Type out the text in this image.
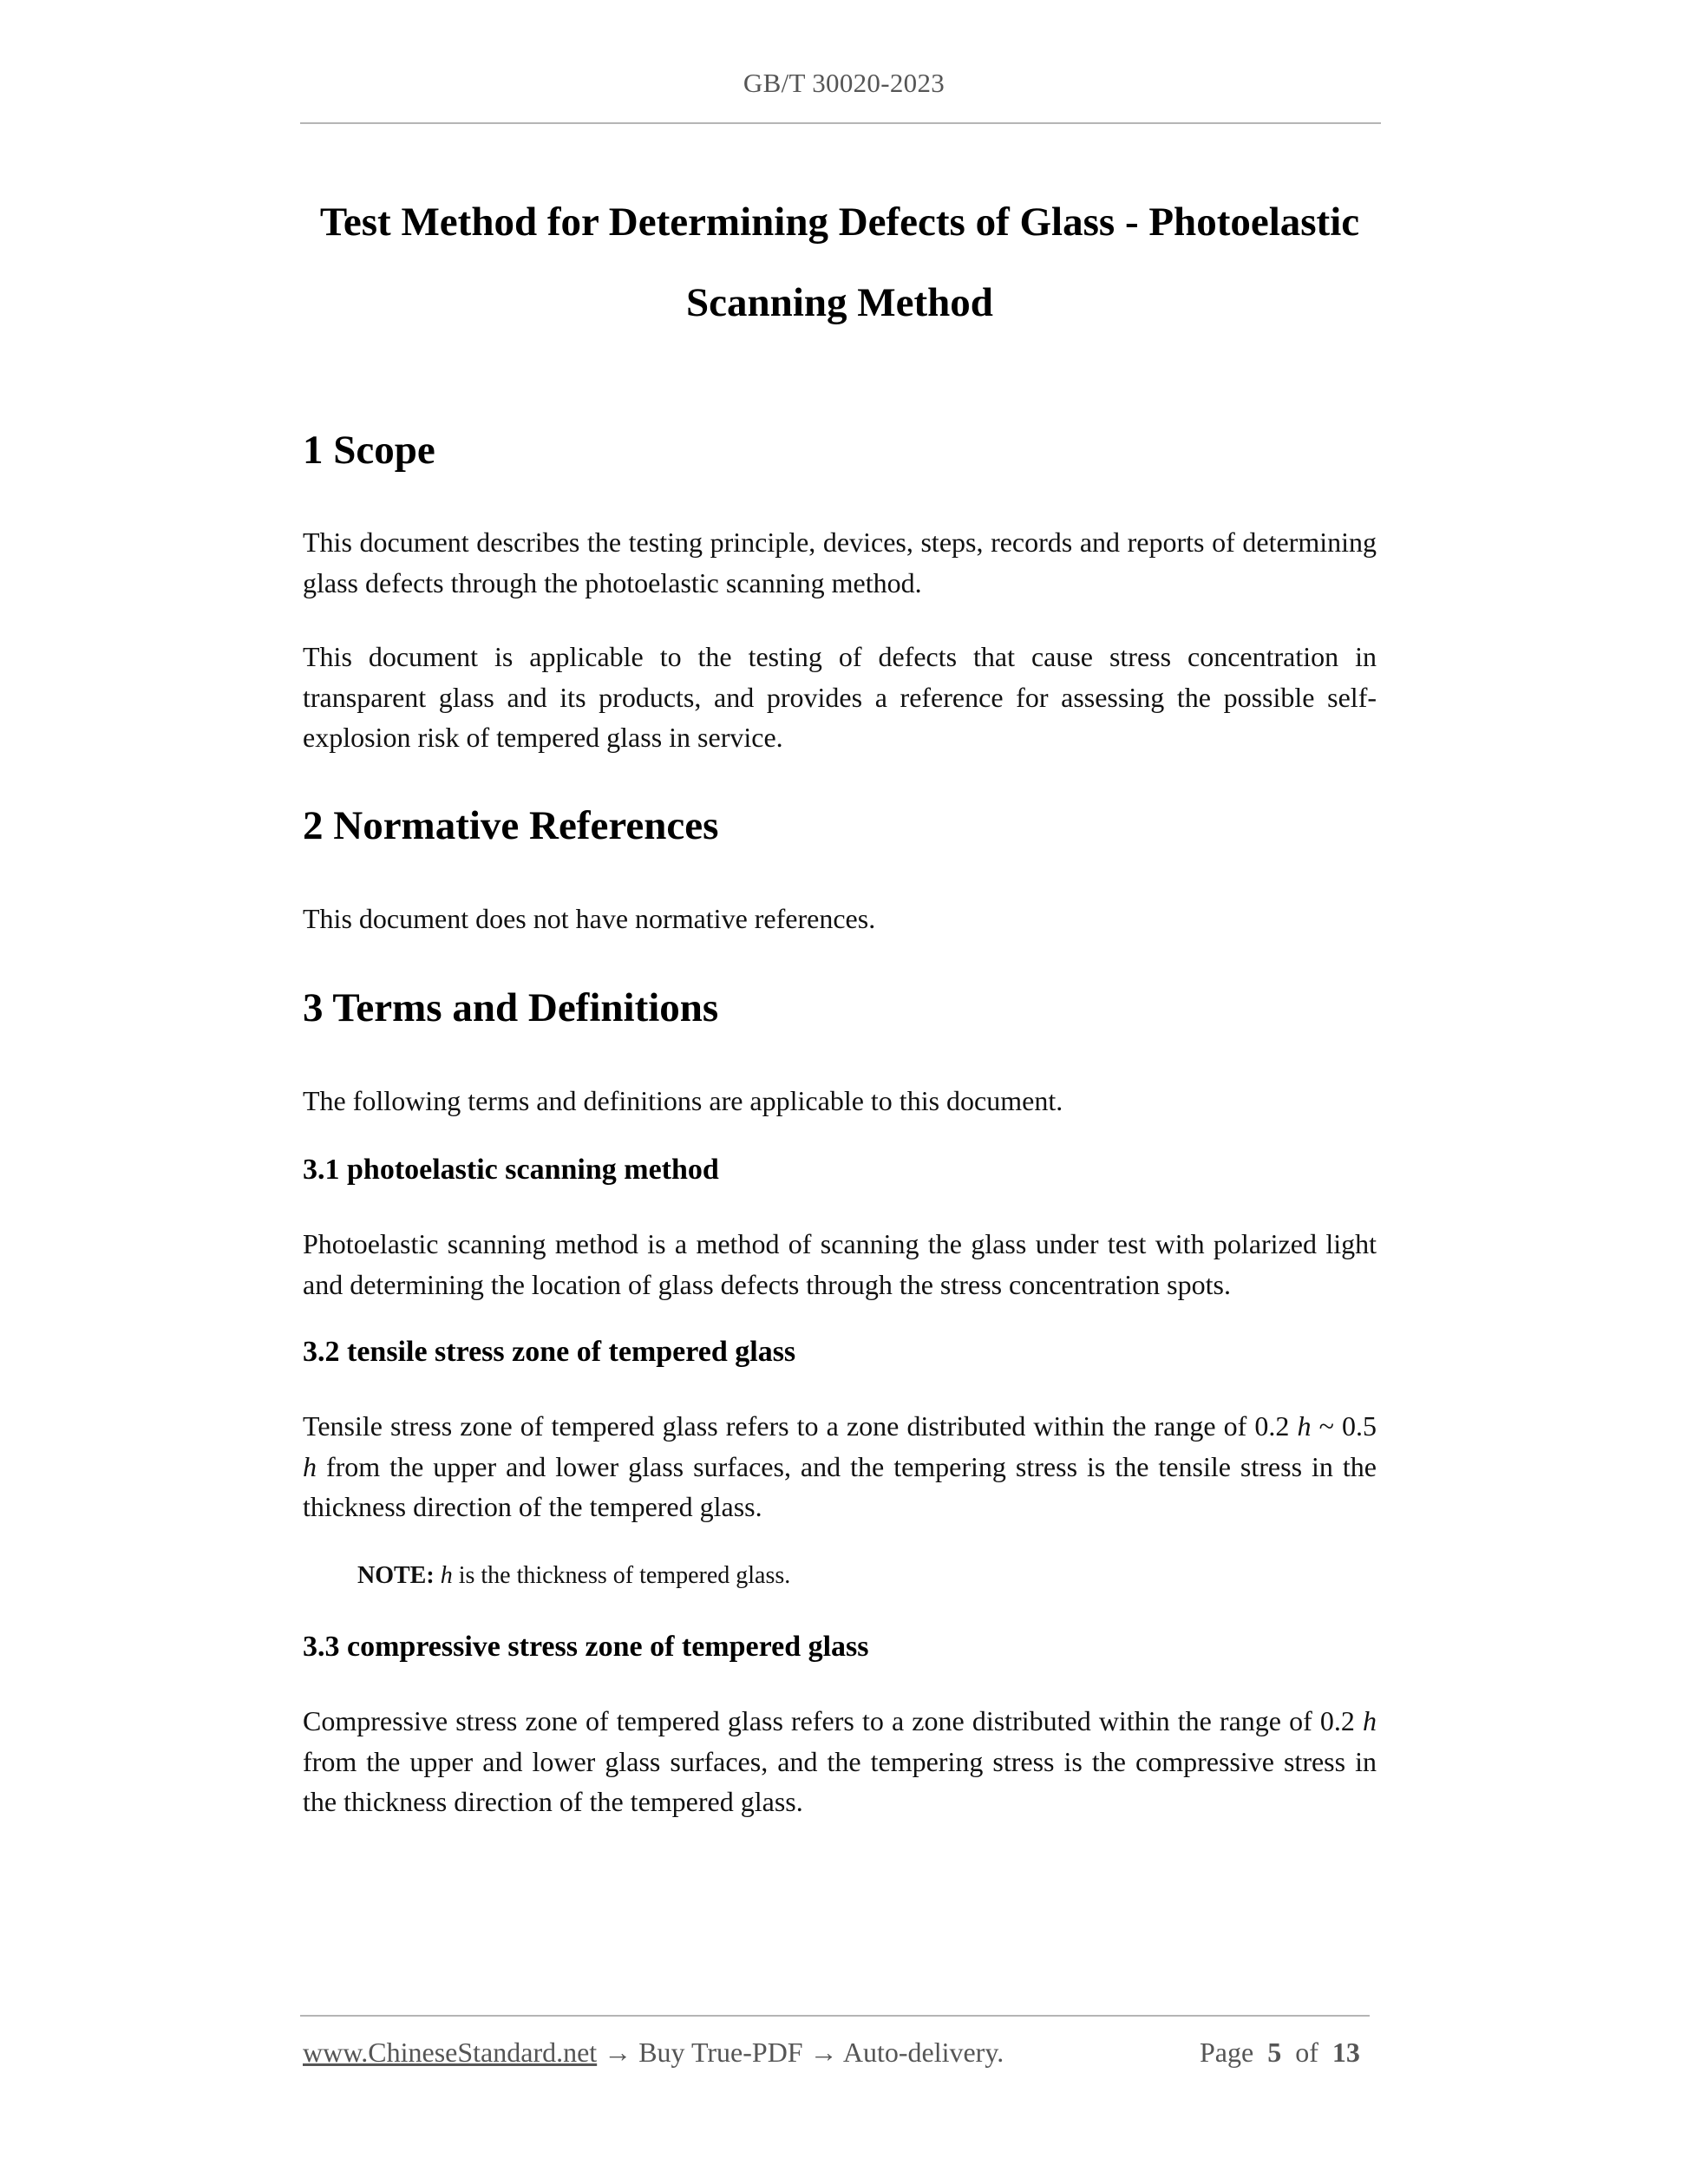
GB/T 30020-2023
Test Method for Determining Defects of Glass - Photoelastic
Scanning Method
1 Scope

This document describes the testing principle, devices, steps, records and reports of determining glass defects through the photoelastic scanning method.

This document is applicable to the testing of defects that cause stress concentration in transparent glass and its products, and provides a reference for assessing the possible self-explosion risk of tempered glass in service.

2 Normative References

This document does not have normative references.

3 Terms and Definitions

The following terms and definitions are applicable to this document.

3.1 photoelastic scanning method

Photoelastic scanning method is a method of scanning the glass under test with polarized light and determining the location of glass defects through the stress concentration spots.

3.2 tensile stress zone of tempered glass

Tensile stress zone of tempered glass refers to a zone distributed within the range of 0.2 h ~ 0.5 h from the upper and lower glass surfaces, and the tempering stress is the tensile stress in the thickness direction of the tempered glass.

NOTE: h is the thickness of tempered glass.

3.3 compressive stress zone of tempered glass

Compressive stress zone of tempered glass refers to a zone distributed within the range of 0.2 h from the upper and lower glass surfaces, and the tempering stress is the compressive stress in the thickness direction of the tempered glass.

www.ChineseStandard.net → Buy True-PDF → Auto-delivery.	Page 5 of 13
